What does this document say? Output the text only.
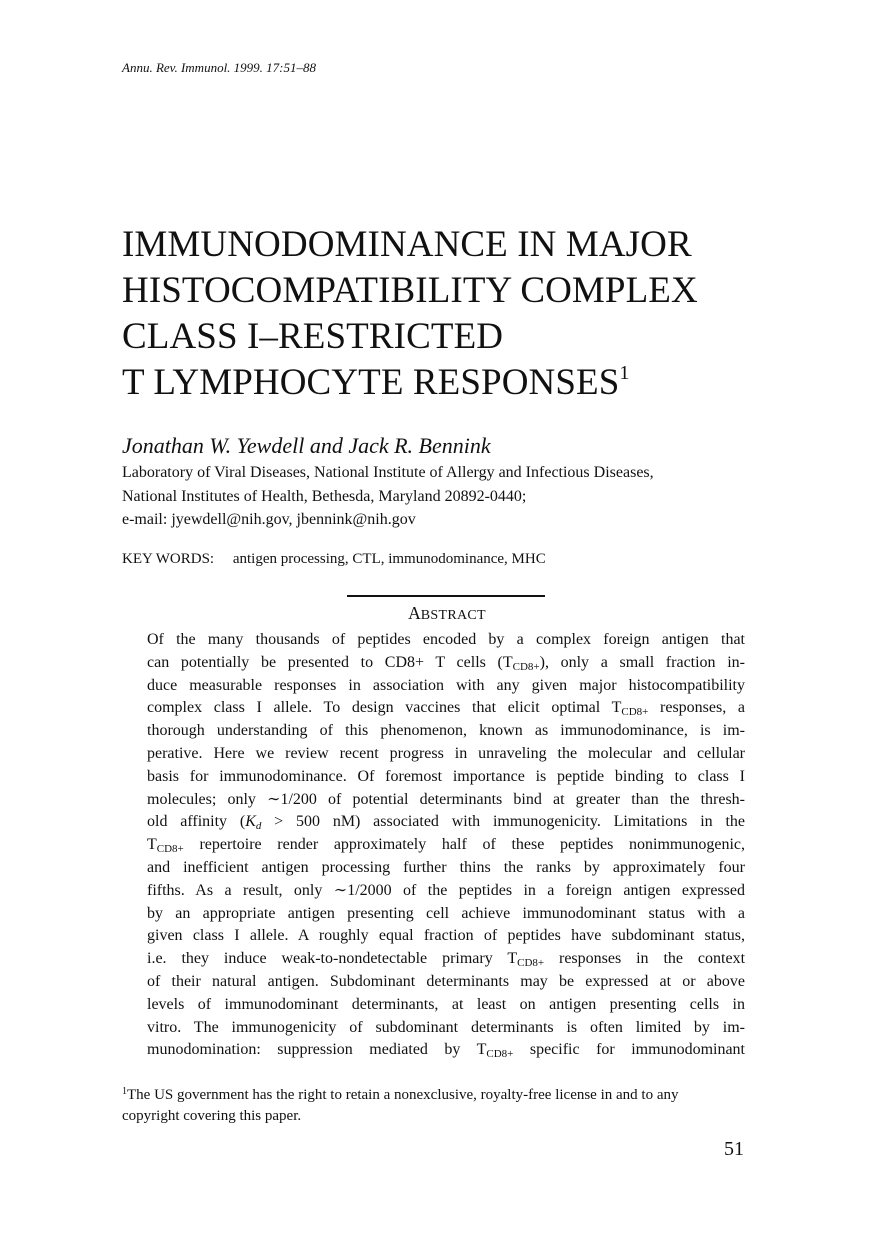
Annu. Rev. Immunol. 1999. 17:51–88
IMMUNODOMINANCE IN MAJOR
HISTOCOMPATIBILITY COMPLEX
CLASS I–RESTRICTED
T LYMPHOCYTE RESPONSES$^1$
Jonathan W. Yewdell and Jack R. Bennink
Laboratory of Viral Diseases, National Institute of Allergy and Infectious Diseases,
National Institutes of Health, Bethesda, Maryland 20892-0440;
e-mail: jyewdell@nih.gov, jbennink@nih.gov
KEY WORDS: antigen processing, CTL, immunodominance, MHC
ABSTRACT
Of the many thousands of peptides encoded by a complex foreign antigen that
can potentially be presented to CD8+ T cells $(T_{CD8+})$, only a small fraction in-
duce measurable responses in association with any given major histocompatibility
complex class I allele. To design vaccines that elicit optimal $T_{CD8+}$ responses, a
thorough understanding of this phenomenon, known as immunodominance, is im-
perative. Here we review recent progress in unraveling the molecular and cellular
basis for immunodominance. Of foremost importance is peptide binding to class I
molecules; only ∼1/200 of potential determinants bind at greater than the thresh-
old affinity ($K_d > 500$ nM) associated with immunogenicity. Limitations in the
$T_{CD8+}$ repertoire render approximately half of these peptides nonimmunogenic,
and inefficient antigen processing further thins the ranks by approximately four
fifths. As a result, only ∼1/2000 of the peptides in a foreign antigen expressed
by an appropriate antigen presenting cell achieve immunodominant status with a
given class I allele. A roughly equal fraction of peptides have subdominant status,
i.e. they induce weak-to-nondetectable primary $T_{CD8+}$ responses in the context
of their natural antigen. Subdominant determinants may be expressed at or above
levels of immunodominant determinants, at least on antigen presenting cells in
vitro. The immunogenicity of subdominant determinants is often limited by im-
munodomination: suppression mediated by $T_{CD8+}$ specific for immunodominant
$^1$The US government has the right to retain a nonexclusive, royalty-free license in and to any
copyright covering this paper.
51
